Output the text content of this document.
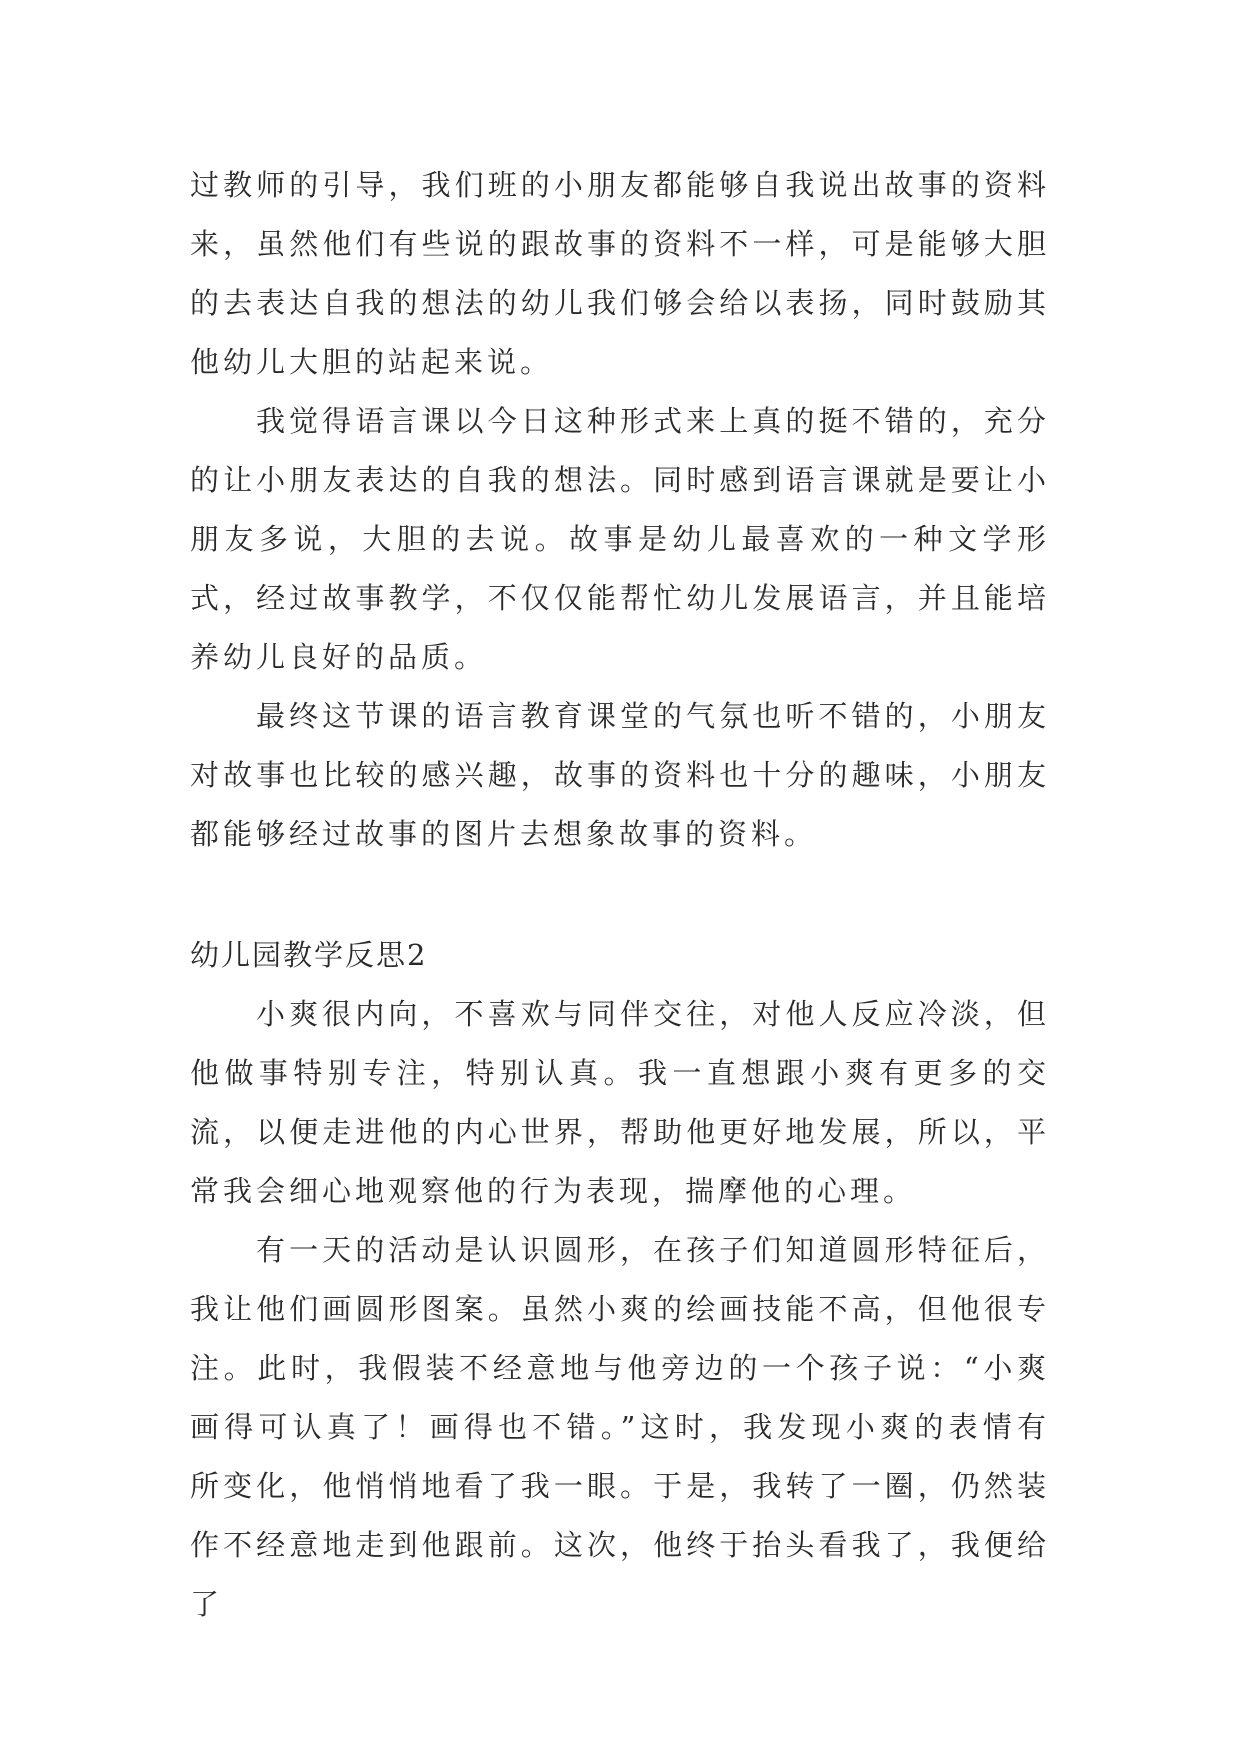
过教师的引导，我们班的小朋友都能够自我说出故事的资料来，虽然他们有些说的跟故事的资料不一样，可是能够大胆的去表达自我的想法的幼儿我们够会给以表扬，同时鼓励其他幼儿大胆的站起来说。

我觉得语言课以今日这种形式来上真的挺不错的，充分的让小朋友表达的自我的想法。同时感到语言课就是要让小朋友多说，大胆的去说。故事是幼儿最喜欢的一种文学形式，经过故事教学，不仅仅能帮忙幼儿发展语言，并且能培养幼儿良好的品质。

最终这节课的语言教育课堂的气氛也听不错的，小朋友对故事也比较的感兴趣，故事的资料也十分的趣味，小朋友都能够经过故事的图片去想象故事的资料。

幼儿园教学反思2

小爽很内向，不喜欢与同伴交往，对他人反应冷淡，但他做事特别专注，特别认真。我一直想跟小爽有更多的交流，以便走进他的内心世界，帮助他更好地发展，所以，平常我会细心地观察他的行为表现，揣摩他的心理。

有一天的活动是认识圆形，在孩子们知道圆形特征后，我让他们画圆形图案。虽然小爽的绘画技能不高，但他很专注。此时，我假装不经意地与他旁边的一个孩子说：“小爽画得可认真了！画得也不错。”这时，我发现小爽的表情有所变化，他悄悄地看了我一眼。于是，我转了一圈，仍然装作不经意地走到他跟前。这次，他终于抬头看我了，我便给了
